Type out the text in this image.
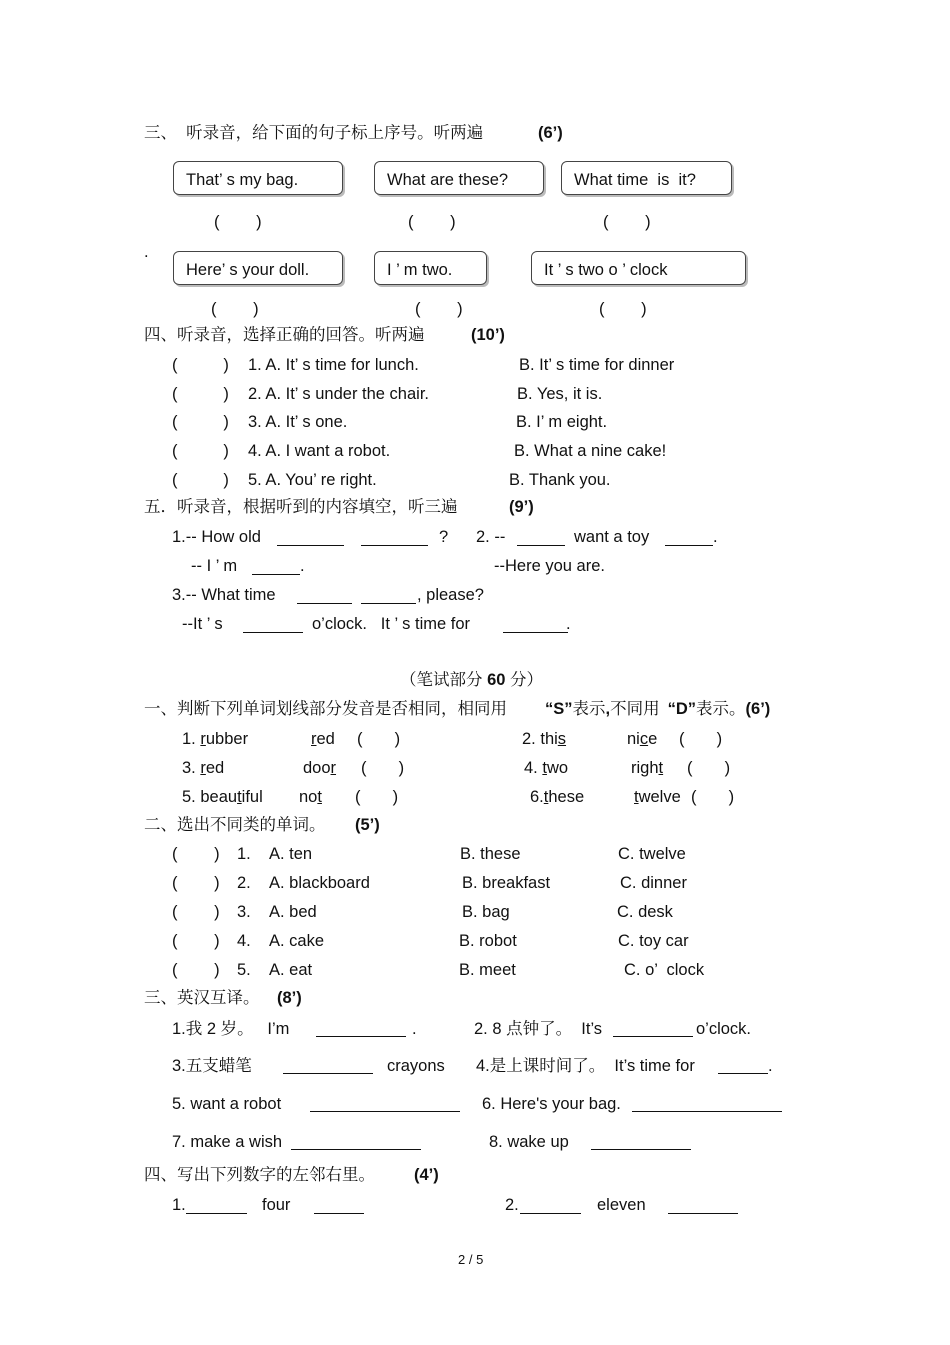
三、  听录音，给下面的句子标上序号。听两遍	(6’)
That’ s my bag.	What are these?	What time  is  it?
(        )	(        )	(        )
.
Here’ s your doll.	I ’ m two.	It ’ s two o ’ clock
(        )	(        )	(        )
四、听录音，选择正确的回答。听两遍	(10’)
(          ) 1. A. It’ s time for lunch.	B. It’ s time for dinner
(          ) 2. A. It’ s under the chair.	B. Yes, it is.
(          ) 3. A. It’ s one.	B. I’ m eight.
(          ) 4. A. I want a robot.	B. What a nine cake!
(          ) 5. A. You’ re right.	B. Thank you.
五．听录音，根据听到的内容填空，听三遍	(9’)
1.-- How old	? 2. --	want a toy	.
-- I ’ m	.	--Here you are.
3.-- What time	, please?
--It ’ s	o’clock.   It ’ s time for	.
（笔试部分 60 分）
一、判断下列单词划线部分发音是否相同，相同用 “S”表示,不同用 “D”表示。(6’)
1. rubber	red (       )	2. this	nice (       )
3. red	door (       )	4. two	right (       )
5. beautiful not (       )	6.these	twelve (       )
二、选出不同类的单词。 (5’)
(        ) 1. A. ten	B. these	C. twelve
(        ) 2. A. blackboard	B. breakfast	C. dinner
(        ) 3. A. bed	B. bag	C. desk
(        ) 4. A. cake	B. robot	C. toy car
(        ) 5. A. eat	B. meet	C. o’  clock
三、英汉互译。 (8’)
1.我 2 岁。   I’m	.	2. 8 点钟了。  It’s	o’clock.
3.五支蜡笔	crayons 4.是上课时间了。  It’s time for	.
5. want a robot	6. Here's your bag.
7. make a wish	8. wake up
四、写出下列数字的左邻右里。 (4’)
1.	four	2.	eleven
2 / 5
